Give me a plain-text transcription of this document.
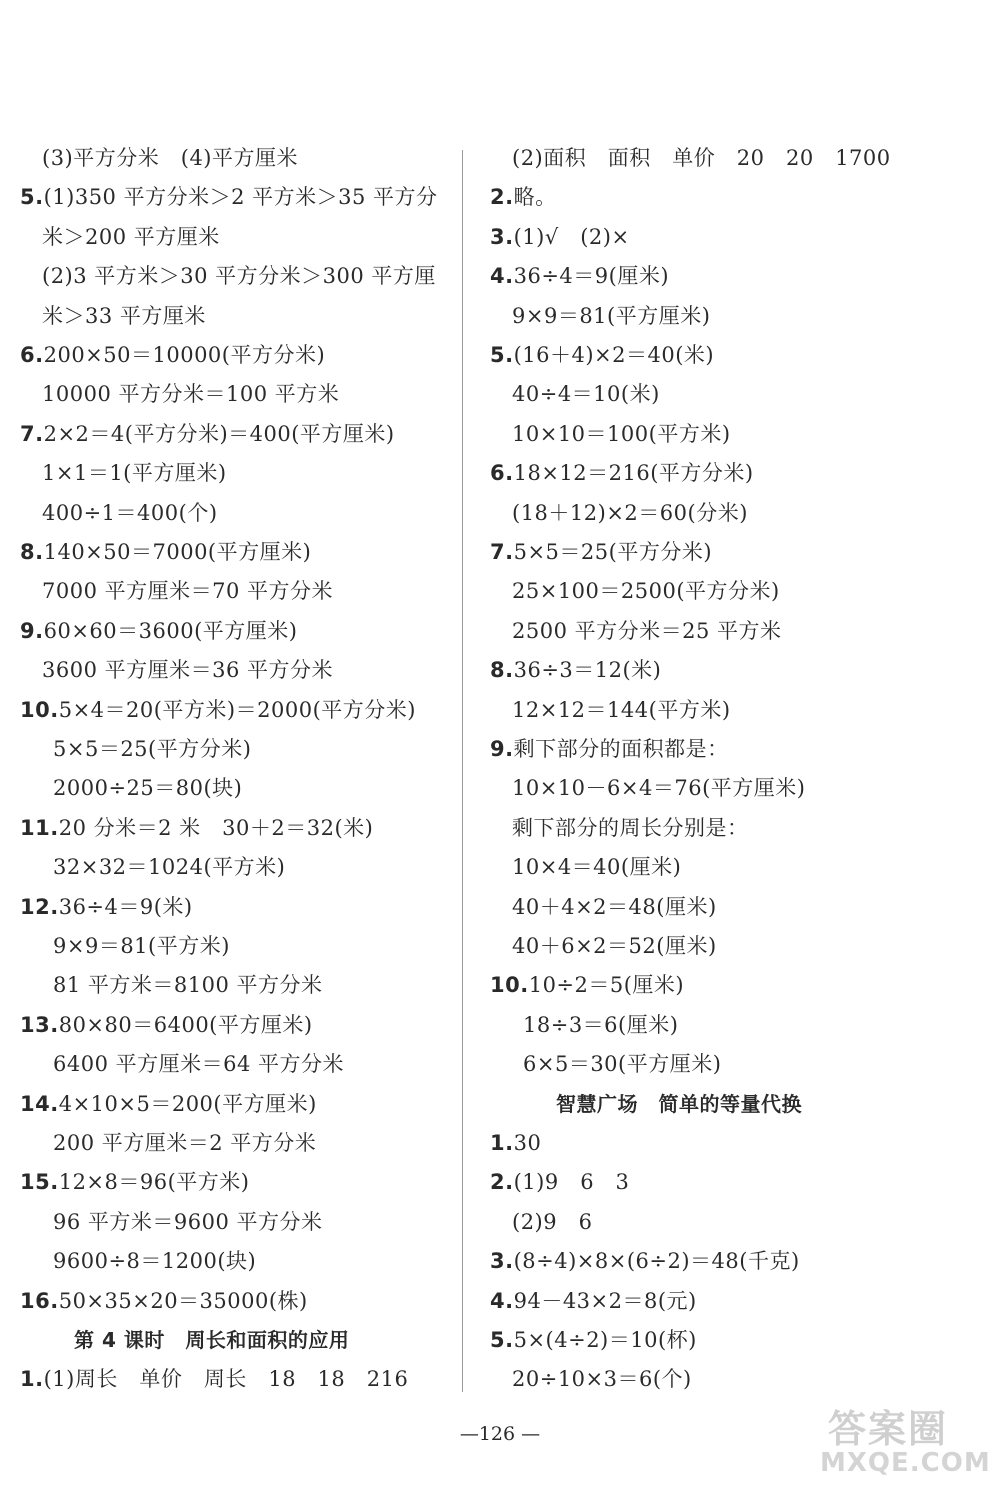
(3)平方分米　(4)平方厘米
5.(1)350 平方分米＞2 平方米＞35 平方分
米＞200 平方厘米
(2)3 平方米＞30 平方分米＞300 平方厘
米＞33 平方厘米
6.200×50＝10000(平方分米)
10000 平方分米＝100 平方米
7.2×2＝4(平方分米)＝400(平方厘米)
1×1＝1(平方厘米)
400÷1＝400(个)
8.140×50＝7000(平方厘米)
7000 平方厘米＝70 平方分米
9.60×60＝3600(平方厘米)
3600 平方厘米＝36 平方分米
10.5×4＝20(平方米)＝2000(平方分米)
5×5＝25(平方分米)
2000÷25＝80(块)
11.20 分米＝2 米　30＋2＝32(米)
32×32＝1024(平方米)
12.36÷4＝9(米)
9×9＝81(平方米)
81 平方米＝8100 平方分米
13.80×80＝6400(平方厘米)
6400 平方厘米＝64 平方分米
14.4×10×5＝200(平方厘米)
200 平方厘米＝2 平方分米
15.12×8＝96(平方米)
96 平方米＝9600 平方分米
9600÷8＝1200(块)
16.50×35×20＝35000(株)
第 4 课时　周长和面积的应用
1.(1)周长　单价　周长　18　18　216
(2)面积　面积　单价　20　20　1700
2.略。
3.(1)√　(2)×
4.36÷4＝9(厘米)
9×9＝81(平方厘米)
5.(16＋4)×2＝40(米)
40÷4＝10(米)
10×10＝100(平方米)
6.18×12＝216(平方分米)
(18＋12)×2＝60(分米)
7.5×5＝25(平方分米)
25×100＝2500(平方分米)
2500 平方分米＝25 平方米
8.36÷3＝12(米)
12×12＝144(平方米)
9.剩下部分的面积都是：
10×10－6×4＝76(平方厘米)
剩下部分的周长分别是：
10×4＝40(厘米)
40＋4×2＝48(厘米)
40＋6×2＝52(厘米)
10.10÷2＝5(厘米)
18÷3＝6(厘米)
6×5＝30(平方厘米)
智慧广场　简单的等量代换
1.30
2.(1)9　6　3
(2)9　6
3.(8÷4)×8×(6÷2)＝48(千克)
4.94－43×2＝8(元)
5.5×(4÷2)＝10(杯)
20÷10×3＝6(个)
—126 —	答案圈
MXQE.COM
